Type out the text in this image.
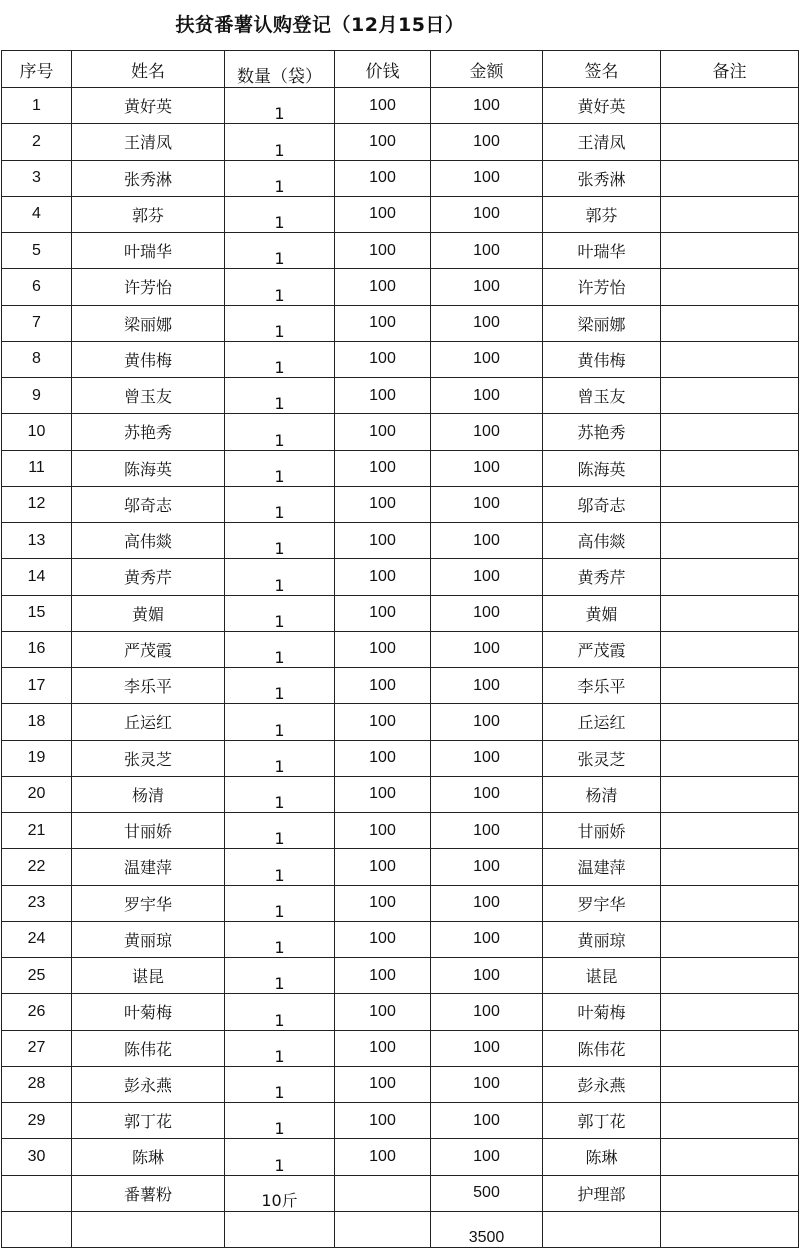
扶贫番薯认购登记（12月15日）
序号	姓名	数量（袋）	价钱	金额	签名	备注
1	黄好英	1	100	100	黄好英	
2	王清凤	1	100	100	王清凤	
3	张秀淋	1	100	100	张秀淋	
4	郭芬	1	100	100	郭芬	
5	叶瑞华	1	100	100	叶瑞华	
6	许芳怡	1	100	100	许芳怡	
7	梁丽娜	1	100	100	梁丽娜	
8	黄伟梅	1	100	100	黄伟梅	
9	曾玉友	1	100	100	曾玉友	
10	苏艳秀	1	100	100	苏艳秀	
11	陈海英	1	100	100	陈海英	
12	邬奇志	1	100	100	邬奇志	
13	高伟燚	1	100	100	高伟燚	
14	黄秀芹	1	100	100	黄秀芹	
15	黄媚	1	100	100	黄媚	
16	严茂霞	1	100	100	严茂霞	
17	李乐平	1	100	100	李乐平	
18	丘运红	1	100	100	丘运红	
19	张灵芝	1	100	100	张灵芝	
20	杨清	1	100	100	杨清	
21	甘丽娇	1	100	100	甘丽娇	
22	温建萍	1	100	100	温建萍	
23	罗宇华	1	100	100	罗宇华	
24	黄丽琼	1	100	100	黄丽琼	
25	谌昆	1	100	100	谌昆	
26	叶菊梅	1	100	100	叶菊梅	
27	陈伟花	1	100	100	陈伟花	
28	彭永燕	1	100	100	彭永燕	
29	郭丁花	1	100	100	郭丁花	
30	陈琳	1	100	100	陈琳	
	番薯粉	10斤		500	护理部	
				3500		
